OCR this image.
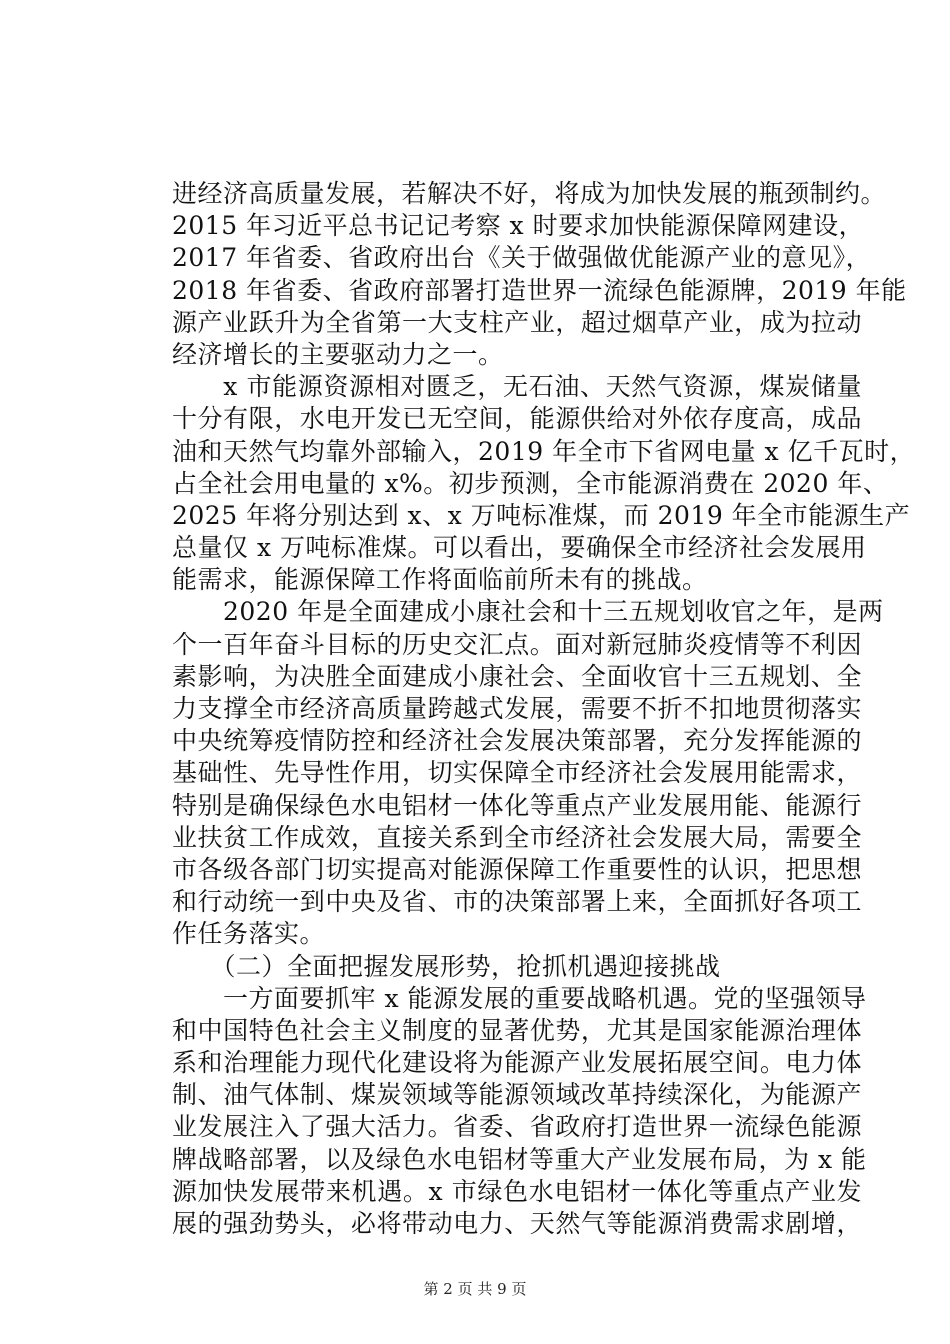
进经济高质量发展，若解决不好，将成为加快发展的瓶颈制约。
2015 年习近平总书记记考察 x 时要求加快能源保障网建设，
2017 年省委、省政府出台《关于做强做优能源产业的意见》，
2018 年省委、省政府部署打造世界一流绿色能源牌，2019 年能
源产业跃升为全省第一大支柱产业，超过烟草产业，成为拉动
经济增长的主要驱动力之一。
　　x 市能源资源相对匮乏，无石油、天然气资源，煤炭储量
十分有限，水电开发已无空间，能源供给对外依存度高，成品
油和天然气均靠外部输入，2019 年全市下省网电量 x 亿千瓦时，
占全社会用电量的 x%。初步预测，全市能源消费在 2020 年、
2025 年将分别达到 x、x 万吨标准煤，而 2019 年全市能源生产
总量仅 x 万吨标准煤。可以看出，要确保全市经济社会发展用
能需求，能源保障工作将面临前所未有的挑战。
　　2020 年是全面建成小康社会和十三五规划收官之年，是两
个一百年奋斗目标的历史交汇点。面对新冠肺炎疫情等不利因
素影响，为决胜全面建成小康社会、全面收官十三五规划、全
力支撑全市经济高质量跨越式发展，需要不折不扣地贯彻落实
中央统筹疫情防控和经济社会发展决策部署，充分发挥能源的
基础性、先导性作用，切实保障全市经济社会发展用能需求，
特别是确保绿色水电铝材一体化等重点产业发展用能、能源行
业扶贫工作成效，直接关系到全市经济社会发展大局，需要全
市各级各部门切实提高对能源保障工作重要性的认识，把思想
和行动统一到中央及省、市的决策部署上来，全面抓好各项工
作任务落实。
　　（二）全面把握发展形势，抢抓机遇迎接挑战
　　一方面要抓牢 x 能源发展的重要战略机遇。党的坚强领导
和中国特色社会主义制度的显著优势，尤其是国家能源治理体
系和治理能力现代化建设将为能源产业发展拓展空间。电力体
制、油气体制、煤炭领域等能源领域改革持续深化，为能源产
业发展注入了强大活力。省委、省政府打造世界一流绿色能源
牌战略部署，以及绿色水电铝材等重大产业发展布局，为 x 能
源加快发展带来机遇。x 市绿色水电铝材一体化等重点产业发
展的强劲势头，必将带动电力、天然气等能源消费需求剧增，
第 2 页 共 9 页
